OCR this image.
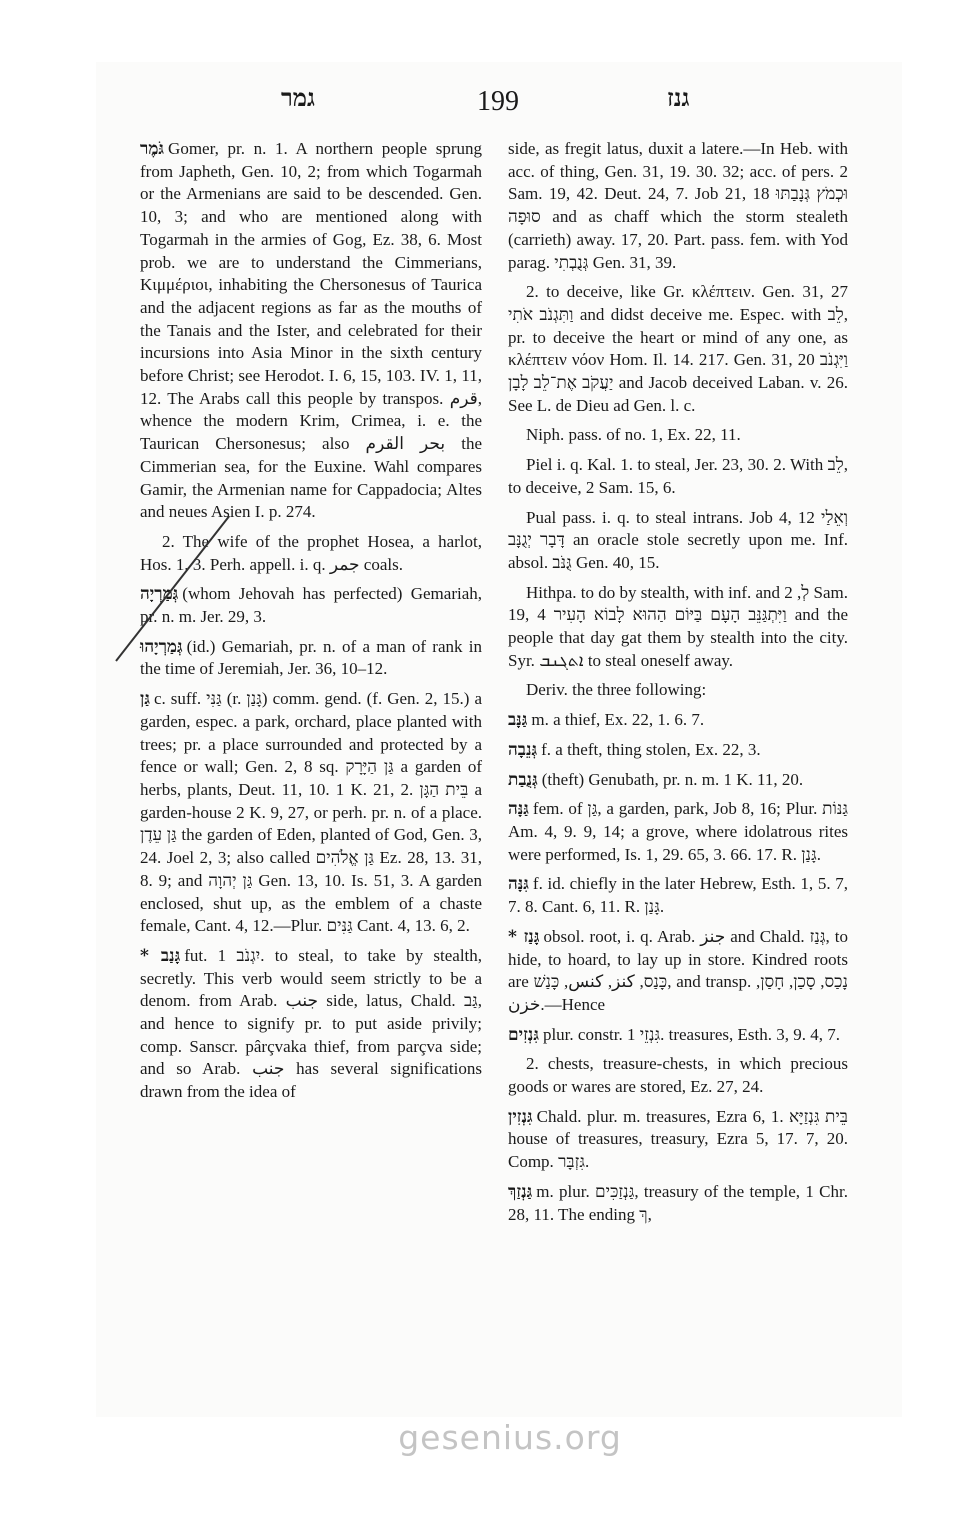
גמר	199	גנז

גֹּמֶר Gomer, pr. n. 1. A northern people sprung from Japheth, Gen. 10, 2; from which Togarmah or the Armenians are said to be descended. Gen. 10, 3; and who are mentioned along with Togarmah in the armies of Gog, Ez. 38, 6. Most prob. we are to understand the Cimmerians, Κιμμέριοι, inhabiting the Chersonesus of Taurica and the adjacent regions as far as the mouths of the Tanais and the Ister, and celebrated for their incursions into Asia Minor in the sixth century before Christ; see Herodot. I. 6, 15, 103. IV. 1, 11, 12. The Arabs call this people by transpos. قرم, whence the modern Krim, Crimea, i. e. the Taurican Chersonesus; also بحر القرم the Cimmerian sea, for the Euxine. Wahl compares Gamir, the Armenian name for Cappadocia; Altes and neues Asien I. p. 274.

2. The wife of the prophet Hosea, a harlot, Hos. 1, 3. Perh. appell. i. q. جمر coals.

גְּמַרְיָה (whom Jehovah has perfected) Gemariah, pr. n. m. Jer. 29, 3.

גְּמַרְיָהוּ (id.) Gemariah, pr. n. of a man of rank in the time of Jeremiah, Jer. 36, 10–12.

גַּן c. suff. גַּנִּי (r. גָּנַן) comm. gend. (f. Gen. 2, 15.) a garden, espec. a park, orchard, place planted with trees; pr. a place surrounded and protected by a fence or wall; Gen. 2, 8 sq. גַּן הַיָּרָק a garden of herbs, plants, Deut. 11, 10. 1 K. 21, 2. בֵּית הַגָּן a garden-house 2 K. 9, 27, or perh. pr. n. of a place. גַּן עֵדֶן the garden of Eden, planted of God, Gen. 3, 24. Joel 2, 3; also called גַּן אֱלֹהִים Ez. 28, 13. 31, 8. 9; and גַּן יְהוָה Gen. 13, 10. Is. 51, 3. A garden enclosed, shut up, as the emblem of a chaste female, Cant. 4, 12.—Plur. גַּנִּים Cant. 4, 13. 6, 2.

* גָּנַב fut. יִגְנֹב 1. to steal, to take by stealth, secretly. This verb would seem strictly to be a denom. from Arab. جنب side, latus, Chald. גַּב, and hence to signify pr. to put aside privily; comp. Sanscr. pârçvaka thief, from parçva side; and so Arab. جنب has several significations drawn from the idea of

side, as fregit latus, duxit a latere.—In Heb. with acc. of thing, Gen. 31, 19. 30. 32; acc. of pers. 2 Sam. 19, 42. Deut. 24, 7. Job 21, 18 וּכְמֹץ גְּנָבַתּוּ סוּפָה and as chaff which the storm stealeth (carrieth) away. 17, 20. Part. pass. fem. with Yod parag. גְּנֻבְתִי Gen. 31, 39.

2. to deceive, like Gr. κλέπτειν. Gen. 31, 27 וַתִּגְנֹב אֹתִי and didst deceive me. Espec. with לֵב, pr. to deceive the heart or mind of any one, as κλέπτειν νόον Hom. Il. 14. 217. Gen. 31, 20 וַיִּגְנֹב יַעֲקֹב אֶת־לֵב לָבָן and Jacob deceived Laban. v. 26. See L. de Dieu ad Gen. l. c.

Niph. pass. of no. 1, Ex. 22, 11.

Piel i. q. Kal. 1. to steal, Jer. 23, 30. 2. With לֵב, to deceive, 2 Sam. 15, 6.

Pual pass. i. q. to steal intrans. Job 4, 12 וְאֵלַי דָּבָר יְגֻנָּב an oracle stole secretly upon me. Inf. absol. גֻּנֹּב Gen. 40, 15.

Hithpa. to do by stealth, with inf. and לְ, 2 Sam. 19, 4 וַיִּתְגַּנֵּב הָעָם בַּיּוֹם הַהוּא לָבוֹא הָעִיר and the people that day gat them by stealth into the city. Syr. ܐܬܓܢܒ to steal oneself away.

Deriv. the three following:

גַּנָּב m. a thief, Ex. 22, 1. 6. 7.

גְּנֵבָה f. a theft, thing stolen, Ex. 22, 3.

גְּנֻבַת (theft) Genubath, pr. n. m. 1 K. 11, 20.

גַּנָּה fem. of גַּן, a garden, park, Job 8, 16; Plur. גַּנּוֹת Am. 4, 9. 9, 14; a grove, where idolatrous rites were performed, Is. 1, 29. 65, 3. 66. 17. R. גָּנַן.

גִּנָּה f. id. chiefly in the later Hebrew, Esth. 1, 5. 7, 7. 8. Cant. 6, 11. R. גָּנַן.

* גָּנַז obsol. root, i. q. Arab. جنز and Chald. גְּנַז, to hide, to hoard, to lay up in store. Kindred roots are כָּנַס, كنز, كنس, כָּנַשׁ, and transp. נָכַס, סָכַן, חָסַן, خزن.—Hence

גִּנְזִים plur. constr. גִּנְזֵי 1. treasures, Esth. 3, 9. 4, 7.

2. chests, treasure-chests, in which precious goods or wares are stored, Ez. 27, 24.

גִּנְזִין Chald. plur. m. treasures, Ezra 6, 1. בֵּית גִּנְזַיָּא house of treasures, treasury, Ezra 5, 17. 7, 20. Comp. גִּזְבָּר.

גַּנְזַךְ m. plur. גַּנְזַכִּים, treasury of the temple, 1 Chr. 28, 11. The ending ךְ,

gesenius.org
